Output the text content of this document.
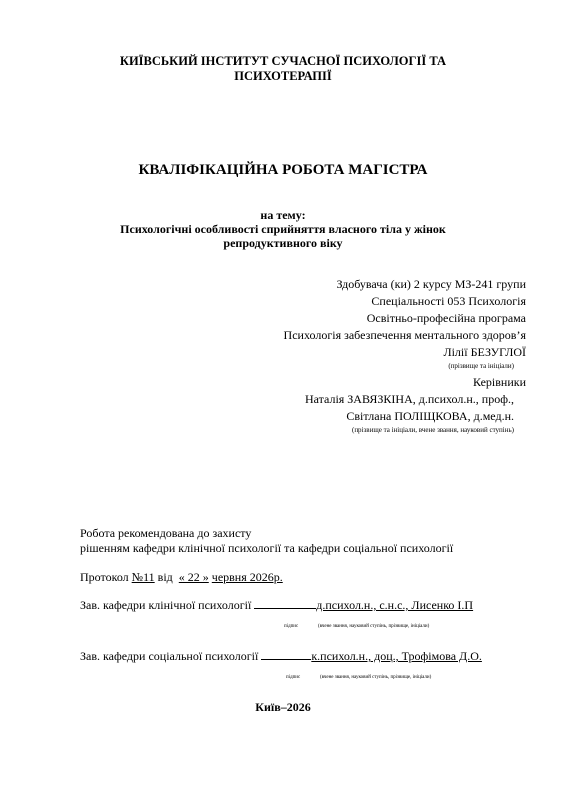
КИЇВСЬКИЙ ІНСТИТУТ СУЧАСНОЇ ПСИХОЛОГІЇ ТА
ПСИХОТЕРАПІЇ
КВАЛІФІКАЦІЙНА РОБОТА МАГІСТРА
на тему:
Психологічні особливості сприйняття власного тіла у жінок
репродуктивного віку
Здобувача (ки) 2 курсу МЗ-241 групи
Спеціальності 053 Психологія
Освітньо-професійна програма
Психологія забезпечення ментального здоров’я
Лілії БЕЗУГЛОЇ
(прізвище та ініціали)
Керівники
Наталія ЗАВЯЗКІНА, д.психол.н., проф.,
Світлана ПОЛІЩКОВА, д.мед.н.
(прізвище та ініціали, вчене звання, науковий ступінь)
Робота рекомендована до захисту
рішенням кафедри клінічної психології та кафедри соціальної психології
Протокол №11 від « 22 » червня 2026р.
Зав. кафедри клінічної психології	д.психол.н., с.н.с., Лисенко І.П
підпис	(вчене звання, науковий ступінь, прізвище, ініціали)
Зав. кафедри соціальної психології	к.психол.н., доц., Трофімова Д.О.
підпис	(вчене звання, науковий ступінь, прізвище, ініціали)
Київ–2026
